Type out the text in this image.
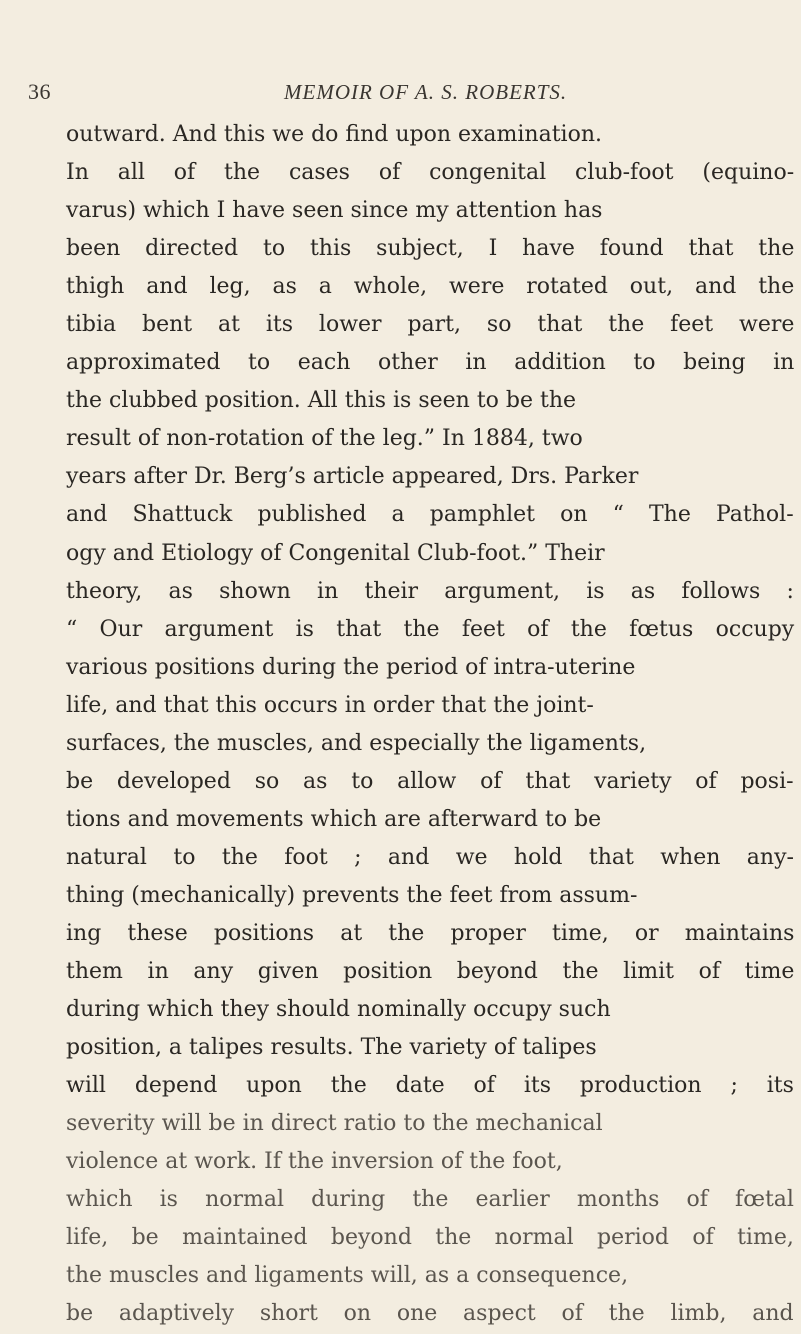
36	MEMOIR OF A. S. ROBERTS.
outward. And this we do find upon examination.
In all of the cases of congenital club-foot (equino-
varus) which I have seen since my attention has
been directed to this subject, I have found that the
thigh and leg, as a whole, were rotated out, and the
tibia bent at its lower part, so that the feet were
approximated to each other in addition to being in
the clubbed position. All this is seen to be the
result of non-rotation of the leg.” In 1884, two
years after Dr. Berg’s article appeared, Drs. Parker
and Shattuck published a pamphlet on “ The Pathol-
ogy and Etiology of Congenital Club-foot.” Their
theory, as shown in their argument, is as follows :
“ Our argument is that the feet of the fœtus occupy
various positions during the period of intra-uterine
life, and that this occurs in order that the joint-
surfaces, the muscles, and especially the ligaments,
be developed so as to allow of that variety of posi-
tions and movements which are afterward to be
natural to the foot ; and we hold that when any-
thing (mechanically) prevents the feet from assum-
ing these positions at the proper time, or maintains
them in any given position beyond the limit of time
during which they should nominally occupy such
position, a talipes results. The variety of talipes
will depend upon the date of its production ; its
severity will be in direct ratio to the mechanical
violence at work. If the inversion of the foot,
which is normal during the earlier months of fœtal
life, be maintained beyond the normal period of time,
the muscles and ligaments will, as a consequence,
be adaptively short on one aspect of the limb, and
